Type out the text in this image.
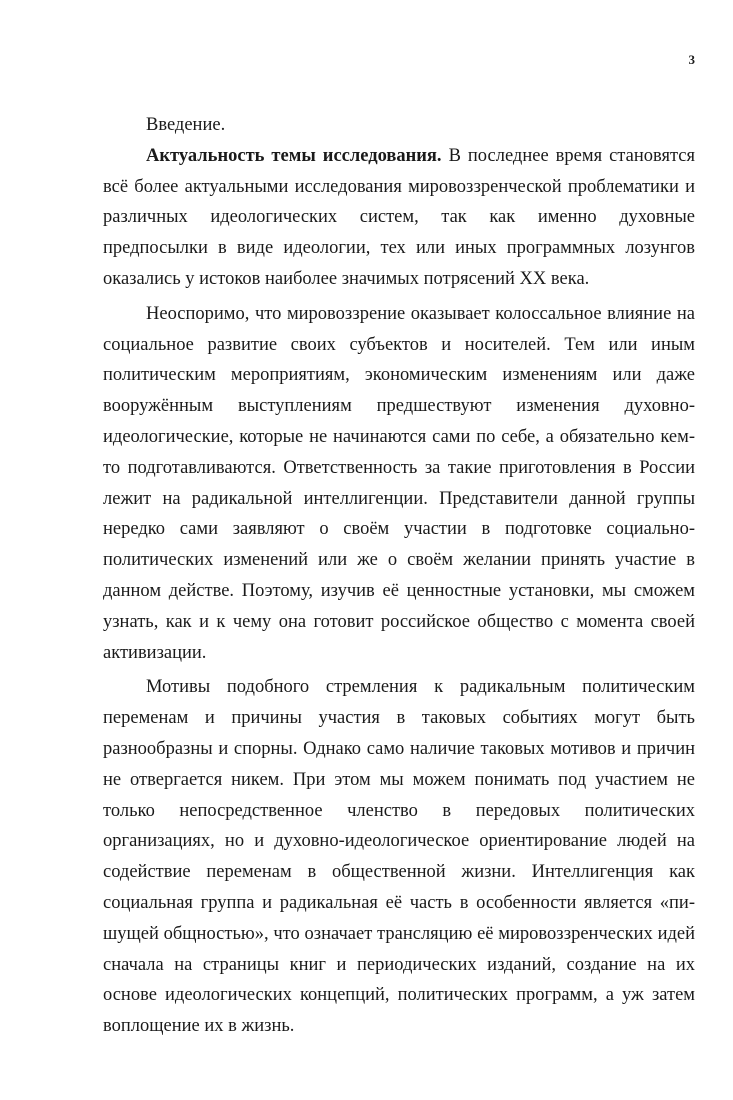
3

Введение.

Актуальность темы исследования. В последнее время становятся всё более актуальными исследования мировоззренческой проблематики и различных идеологических систем, так как именно духовные предпосылки в виде идеологии, тех или иных программных лозунгов оказались у истоков наиболее значимых потрясений XX века.

Неоспоримо, что мировоззрение оказывает колоссальное влияние на социальное развитие своих субъектов и носителей. Тем или иным политическим мероприятиям, экономическим изменениям или даже вооружённым выступлениям предшествуют изменения духовно-идеологические, которые не начинаются сами по себе, а обязательно кем-то подготавливаются. Ответственность за такие приготовления в России лежит на радикальной интеллигенции. Представители данной группы нередко сами заявляют о своём участии в подготовке социально-политических изменений или же о своём желании принять участие в данном действе. Поэтому, изучив её ценностные установки, мы сможем узнать, как и к чему она готовит российское общество с момента своей активизации.

Мотивы подобного стремления к радикальным политическим переменам и причины участия в таковых событиях могут быть разнообразны и спорны. Однако само наличие таковых мотивов и причин не отвергается никем. При этом мы можем понимать под участием не только непосредственное членство в передовых политических организациях, но и духовно-идеологическое ориентирование людей на содействие переменам в общественной жизни. Интеллигенция как социальная группа и радикальная её часть в особенности является «пишущей общностью», что означает трансляцию её мировоззренческих идей сначала на страницы книг и периодических изданий, создание на их основе идеологических концепций, политических программ, а уж затем воплощение их в жизнь.
